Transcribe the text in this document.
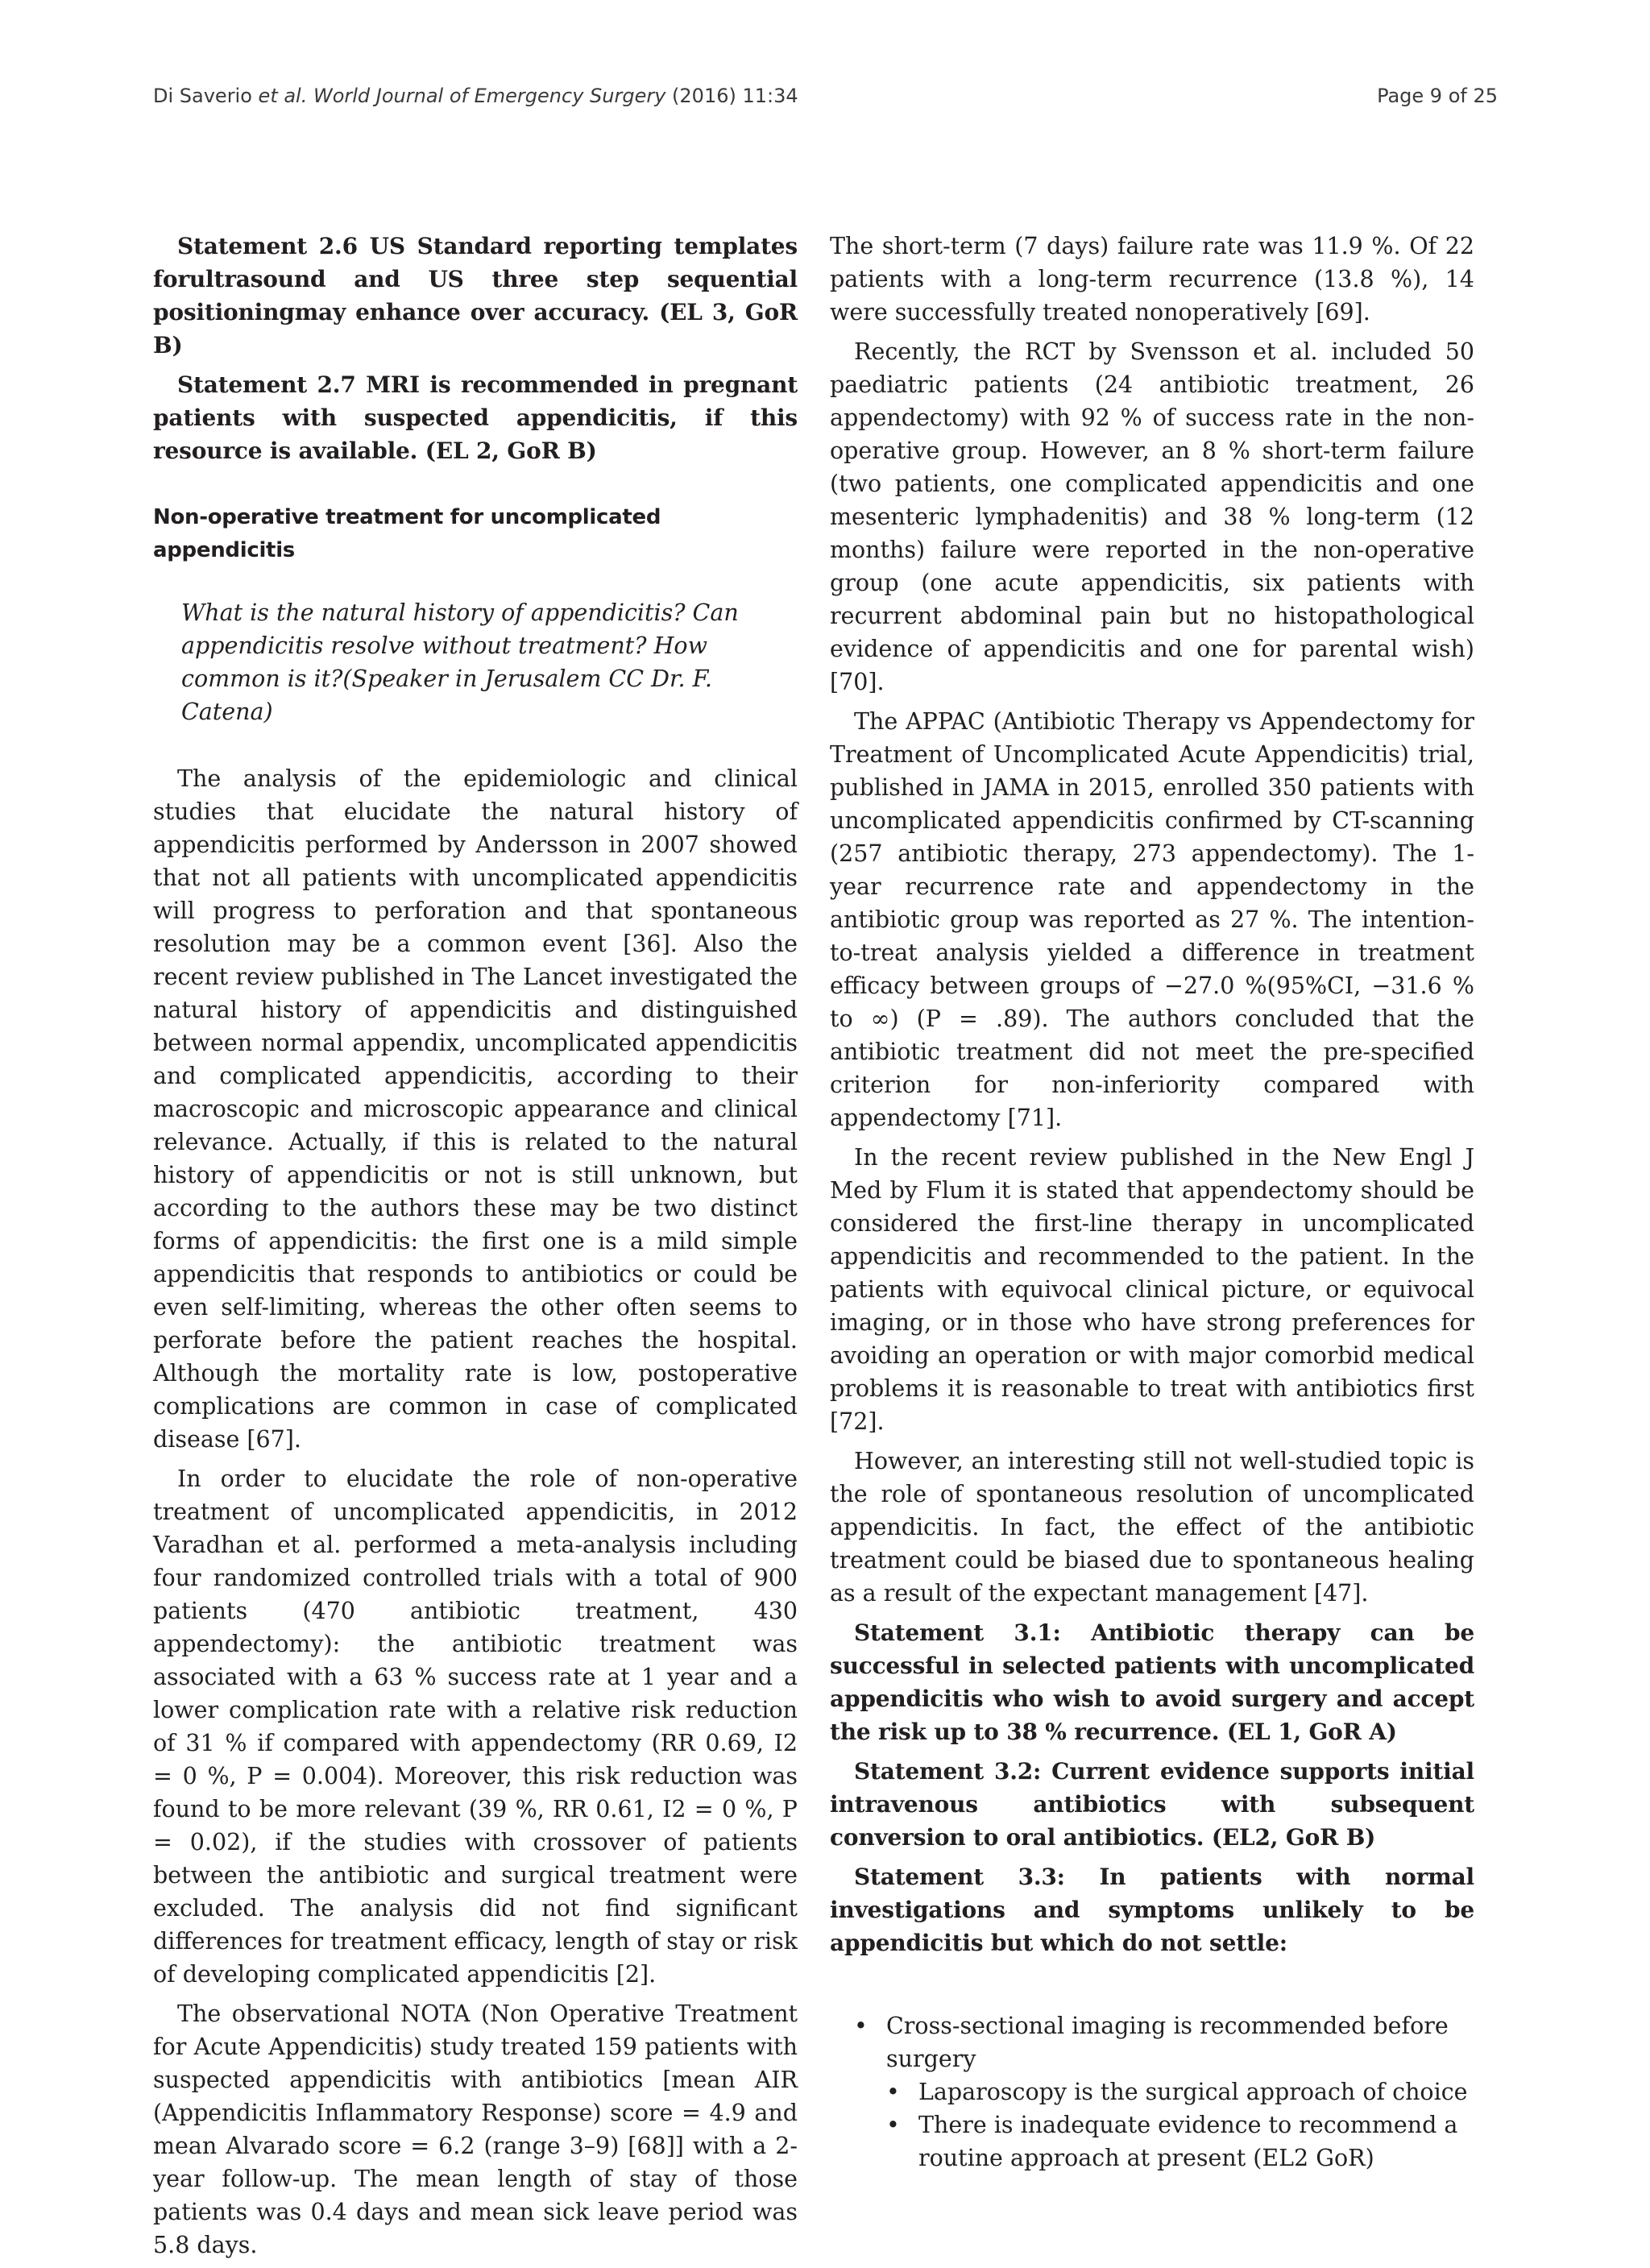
Di Saverio et al. World Journal of Emergency Surgery (2016) 11:34	Page 9 of 25

Statement 2.6 US Standard reporting templates forultrasound and US three step sequential positioningmay enhance over accuracy. (EL 3, GoR B)

Statement 2.7 MRI is recommended in pregnant patients with suspected appendicitis, if this resource is available. (EL 2, GoR B)

Non-operative treatment for uncomplicated appendicitis
What is the natural history of appendicitis? Can appendicitis resolve without treatment? How common is it?(Speaker in Jerusalem CC Dr. F. Catena)

The analysis of the epidemiologic and clinical studies that elucidate the natural history of appendicitis performed by Andersson in 2007 showed that not all patients with uncomplicated appendicitis will progress to perforation and that spontaneous resolution may be a common event [36]. Also the recent review published in The Lancet investigated the natural history of appendicitis and distinguished between normal appendix, uncomplicated appendicitis and complicated appendicitis, according to their macroscopic and microscopic appearance and clinical relevance. Actually, if this is related to the natural history of appendicitis or not is still unknown, but according to the authors these may be two distinct forms of appendicitis: the first one is a mild simple appendicitis that responds to antibiotics or could be even self-limiting, whereas the other often seems to perforate before the patient reaches the hospital. Although the mortality rate is low, postoperative complications are common in case of complicated disease [67].

In order to elucidate the role of non-operative treatment of uncomplicated appendicitis, in 2012 Varadhan et al. performed a meta-analysis including four randomized controlled trials with a total of 900 patients (470 antibiotic treatment, 430 appendectomy): the antibiotic treatment was associated with a 63 % success rate at 1 year and a lower complication rate with a relative risk reduction of 31 % if compared with appendectomy (RR 0.69, I2 = 0 %, P = 0.004). Moreover, this risk reduction was found to be more relevant (39 %, RR 0.61, I2 = 0 %, P = 0.02), if the studies with crossover of patients between the antibiotic and surgical treatment were excluded. The analysis did not find significant differences for treatment efficacy, length of stay or risk of developing complicated appendicitis [2].

The observational NOTA (Non Operative Treatment for Acute Appendicitis) study treated 159 patients with suspected appendicitis with antibiotics [mean AIR (Appendicitis Inflammatory Response) score = 4.9 and mean Alvarado score = 6.2 (range 3–9) [68]] with a 2-year follow-up. The mean length of stay of those patients was 0.4 days and mean sick leave period was 5.8 days.

The short-term (7 days) failure rate was 11.9 %. Of 22 patients with a long-term recurrence (13.8 %), 14 were successfully treated nonoperatively [69].

Recently, the RCT by Svensson et al. included 50 paediatric patients (24 antibiotic treatment, 26 appendectomy) with 92 % of success rate in the non-operative group. However, an 8 % short-term failure (two patients, one complicated appendicitis and one mesenteric lymphadenitis) and 38 % long-term (12 months) failure were reported in the non-operative group (one acute appendicitis, six patients with recurrent abdominal pain but no histopathological evidence of appendicitis and one for parental wish) [70].

The APPAC (Antibiotic Therapy vs Appendectomy for Treatment of Uncomplicated Acute Appendicitis) trial, published in JAMA in 2015, enrolled 350 patients with uncomplicated appendicitis confirmed by CT-scanning (257 antibiotic therapy, 273 appendectomy). The 1-year recurrence rate and appendectomy in the antibiotic group was reported as 27 %. The intention-to-treat analysis yielded a difference in treatment efficacy between groups of −27.0 %(95%CI, −31.6 % to ∞) (P = .89). The authors concluded that the antibiotic treatment did not meet the pre-specified criterion for non-inferiority compared with appendectomy [71].

In the recent review published in the New Engl J Med by Flum it is stated that appendectomy should be considered the first-line therapy in uncomplicated appendicitis and recommended to the patient. In the patients with equivocal clinical picture, or equivocal imaging, or in those who have strong preferences for avoiding an operation or with major comorbid medical problems it is reasonable to treat with antibiotics first [72].

However, an interesting still not well-studied topic is the role of spontaneous resolution of uncomplicated appendicitis. In fact, the effect of the antibiotic treatment could be biased due to spontaneous healing as a result of the expectant management [47].

Statement 3.1: Antibiotic therapy can be successful in selected patients with uncomplicated appendicitis who wish to avoid surgery and accept the risk up to 38 % recurrence. (EL 1, GoR A)

Statement 3.2: Current evidence supports initial intravenous antibiotics with subsequent conversion to oral antibiotics. (EL2, GoR B)

Statement 3.3: In patients with normal investigations and symptoms unlikely to be appendicitis but which do not settle:

• Cross-sectional imaging is recommended before surgery
• Laparoscopy is the surgical approach of choice
• There is inadequate evidence to recommend a routine approach at present (EL2 GoR)
